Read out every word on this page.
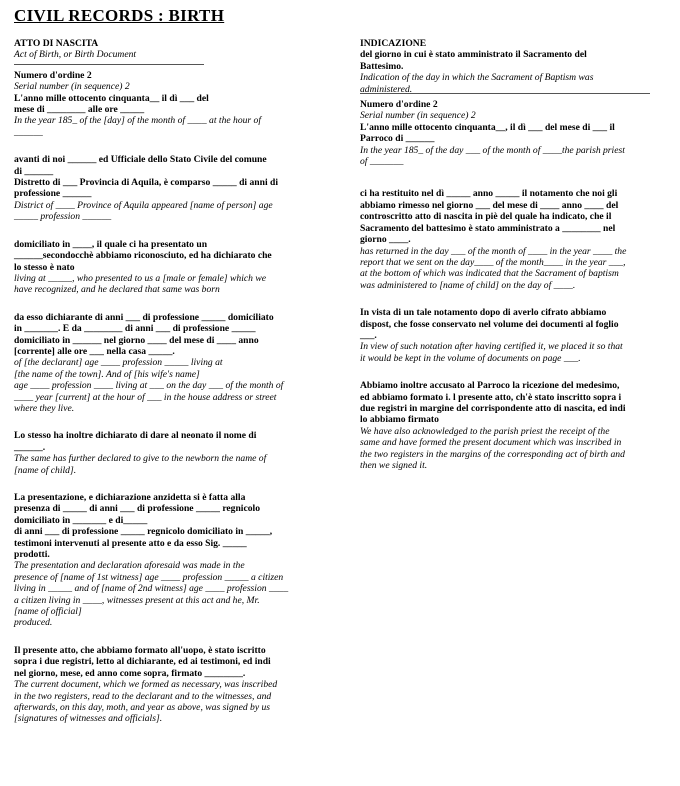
CIVIL RECORDS : BIRTH
ATTO DI NASCITA
Act of Birth, or Birth Document
Numero d'ordine 2
Serial number (in sequence) 2
L'anno mille ottocento cinquanta__ il dì ___ del
mese di ________ alle ore _____
In the year 185_ of the [day] of the month of ____ at the hour of
______
avanti di noi ______ ed Ufficiale dello Stato Civile del comune
di ______
Distretto di ___ Provincia di Aquila, è comparso _____ di anni di
professione ______
District of ____ Province of Aquila appeared [name of person] age
_____ profession ______
domiciliato in ____, il quale ci ha presentato un
______secondocchè abbiamo riconosciuto, ed ha dichiarato che
lo stesso è nato
living at _____, who presented to us a [male or female] which we
have recognized, and he declared that same was born
da esso dichiarante di anni ___ di professione _____ domiciliato
in _______. E da ________ di anni ___ di professione _____
domiciliato in ______ nel giorno ____ del mese di ____ anno
[corrente] alle ore ___ nella casa _____.
of [the declarant] age ____ profession _____ living at
[the name of the town]. And of [his wife's name]
age ____ profession ____ living at ___ on the day ___ of the month of
____ year [current] at the hour of ___ in the house address or street
where they live.
Lo stesso ha inoltre dichiarato di dare al neonato il nome di
______.
The same has further declared to give to the newborn the name of
[name of child].
La presentazione, e dichiarazione anzidetta si è fatta alla
presenza di _____ di anni ___ di professione _____ regnicolo
domiciliato in _______ e di_____
di anni ___ di professione _____ regnicolo domiciliato in _____,
testimoni intervenuti al presente atto e da esso Sig. _____
prodotti.
The presentation and declaration aforesaid was made in the
presence of [name of 1st witness] age ____ profession _____ a citizen
living in _____ and of [name of 2nd witness] age ____ profession ____
a citizen living in ____, witnesses present at this act and he, Mr.
[name of official]
produced.
Il presente atto, che abbiamo formato all'uopo, è stato iscritto
sopra i due registri, letto al dichiarante, ed ai testimoni, ed indi
nel giorno, mese, ed anno come sopra, firmato ________.
The current document, which we formed as necessary, was inscribed
in the two registers, read to the declarant and to the witnesses, and
afterwards, on this day, moth, and year as above, was signed by us
[signatures of witnesses and officials].
INDICAZIONE
del giorno in cui è stato amministrato il Sacramento del
Battesimo.
Indication of the day in which the Sacrament of Baptism was
administered.
Numero d'ordine 2
Serial number (in sequence) 2
L'anno mille ottocento cinquanta__, il dì ___ del mese di ___ il
Parroco di ______
In the year 185_ of the day ___ of the month of ____the parish priest
of _______
ci ha restituito nel dì _____ anno _____ il notamento che noi gli
abbiamo rimesso nel giorno ___ del mese di ____ anno ____ del
controscritto atto di nascita in piè del quale ha indicato, che il
Sacramento del battesimo è stato amministrato a ________ nel
giorno ____.
has returned in the day ___ of the month of ____ in the year ____ the
report that we sent on the day____ of the month____ in the year ___,
at the bottom of which was indicated that the Sacrament of baptism
was administered to [name of child] on the day of ____.
In vista di un tale notamento dopo di averlo cifrato abbiamo
dispost, che fosse conservato nel volume dei documenti al foglio
___.
In view of such notation after having certified it, we placed it so that
it would be kept in the volume of documents on page ___.
Abbiamo inoltre accusato al Parroco la ricezione del medesimo,
ed abbiamo formato i. l presente atto, ch'è stato inscritto sopra i
due registri in margine del corrispondente atto di nascita, ed indi
lo abbiamo firmato
We have also acknowledged to the parish priest the receipt of the
same and have formed the present document which was inscribed in
the two registers in the margins of the corresponding act of birth and
then we signed it.
